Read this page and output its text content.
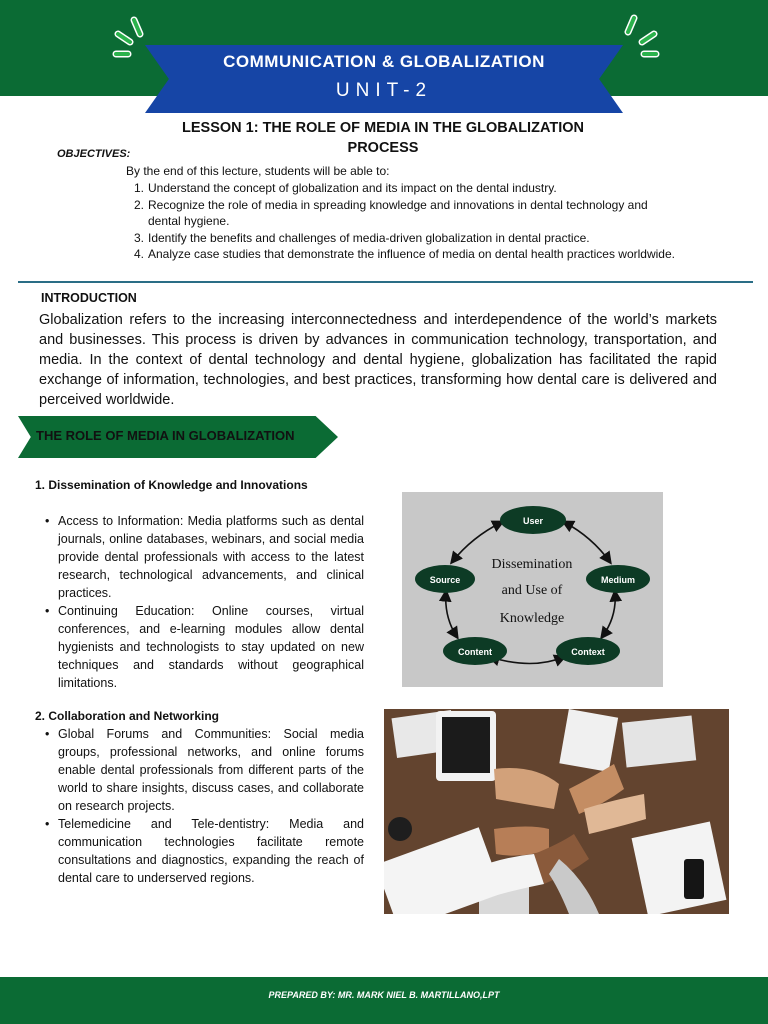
COMMUNICATION & GLOBALIZATION
UNIT-2
LESSON 1: THE ROLE OF MEDIA IN THE GLOBALIZATION PROCESS
OBJECTIVES:
By the end of this lecture, students will be able to:
1. Understand the concept of globalization and its impact on the dental industry.
2. Recognize the role of media in spreading knowledge and innovations in dental technology and dental hygiene.
3. Identify the benefits and challenges of media-driven globalization in dental practice.
4. Analyze case studies that demonstrate the influence of media on dental health practices worldwide.
INTRODUCTION
Globalization refers to the increasing interconnectedness and interdependence of the world’s markets and businesses. This process is driven by advances in communication technology, transportation, and media. In the context of dental technology and dental hygiene, globalization has facilitated the rapid exchange of information, technologies, and best practices, transforming how dental care is delivered and perceived worldwide.
THE ROLE OF MEDIA IN GLOBALIZATION
1. Dissemination of Knowledge and Innovations
• Access to Information: Media platforms such as dental journals, online databases, webinars, and social media provide dental professionals with access to the latest research, technological advancements, and clinical practices.
• Continuing Education: Online courses, virtual conferences, and e-learning modules allow dental hygienists and technologists to stay updated on new techniques and standards without geographical limitations.
User
Medium
Context
Content
Source
Dissemination
and Use of
Knowledge
2. Collaboration and Networking
• Global Forums and Communities: Social media groups, professional networks, and online forums enable dental professionals from different parts of the world to share insights, discuss cases, and collaborate on research projects.
• Telemedicine and Tele-dentistry: Media and communication technologies facilitate remote consultations and diagnostics, expanding the reach of dental care to underserved regions.
PREPARED BY: MR. MARK NIEL B. MARTILLANO,LPT
